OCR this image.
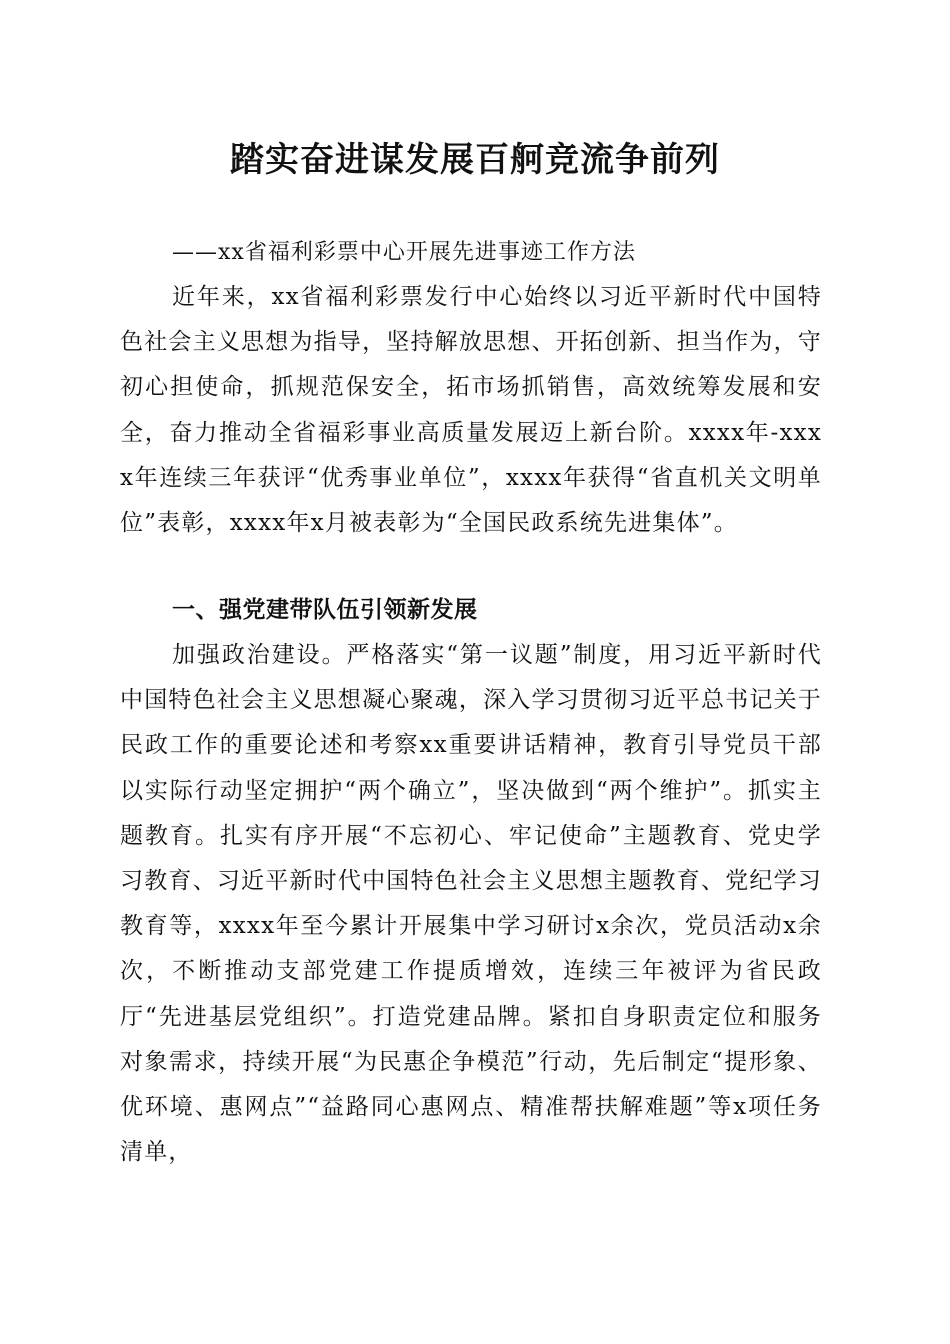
踏实奋进谋发展百舸竞流争前列

——xx省福利彩票中心开展先进事迹工作方法

近年来，xx省福利彩票发行中心始终以习近平新时代中国特色社会主义思想为指导，坚持解放思想、开拓创新、担当作为，守初心担使命，抓规范保安全，拓市场抓销售，高效统筹发展和安全，奋力推动全省福彩事业高质量发展迈上新台阶。xxxx年-xxxx年连续三年获评“优秀事业单位”，xxxx年获得“省直机关文明单位”表彰，xxxx年x月被表彰为“全国民政系统先进集体”。

一、强党建带队伍引领新发展

加强政治建设。严格落实“第一议题”制度，用习近平新时代中国特色社会主义思想凝心聚魂，深入学习贯彻习近平总书记关于民政工作的重要论述和考察xx重要讲话精神，教育引导党员干部以实际行动坚定拥护“两个确立”，坚决做到“两个维护”。抓实主题教育。扎实有序开展“不忘初心、牢记使命”主题教育、党史学习教育、习近平新时代中国特色社会主义思想主题教育、党纪学习教育等，xxxx年至今累计开展集中学习研讨x余次，党员活动x余次，不断推动支部党建工作提质增效，连续三年被评为省民政厅“先进基层党组织”。打造党建品牌。紧扣自身职责定位和服务对象需求，持续开展“为民惠企争模范”行动，先后制定“提形象、优环境、惠网点”“益路同心惠网点、精准帮扶解难题”等x项任务清单，
